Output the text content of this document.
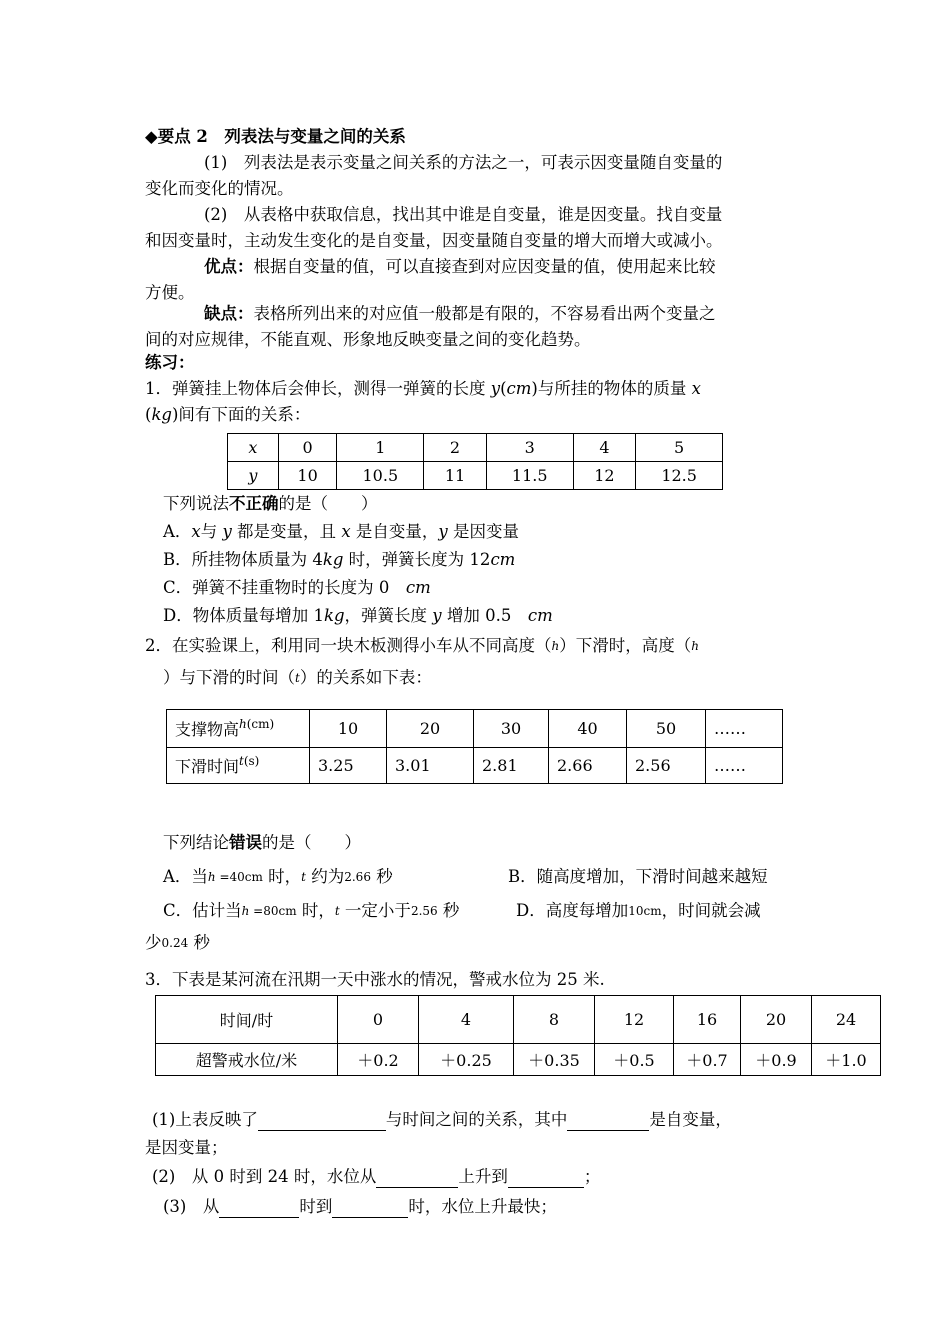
◆要点 2　列表法与变量之间的关系
(1)　列表法是表示变量之间关系的方法之一，可表示因变量随自变量的
变化而变化的情况。
(2)　从表格中获取信息，找出其中谁是自变量，谁是因变量。找自变量
和因变量时，主动发生变化的是自变量，因变量随自变量的增大而增大或减小。
优点：根据自变量的值，可以直接查到对应因变量的值，使用起来比较
方便。
缺点：表格所列出来的对应值一般都是有限的，不容易看出两个变量之
间的对应规律，不能直观、形象地反映变量之间的变化趋势。
练习：
1．弹簧挂上物体后会伸长，测得一弹簧的长度 y(cm)与所挂的物体的质量 x
(kg)间有下面的关系：
x	0	1	2	3	4	5
y	10	10.5	11	11.5	12	12.5
下列说法不正确的是（　　）
A．x与 y 都是变量，且 x 是自变量，y 是因变量
B．所挂物体质量为 4kg 时，弹簧长度为 12cm
C．弹簧不挂重物时的长度为 0　cm
D．物体质量每增加 1kg，弹簧长度 y 增加 0.5　cm
2．在实验课上，利用同一块木板测得小车从不同高度（$^h$）下滑时，高度（$^h$
）与下滑的时间（$^t$）的关系如下表：
支撑物高$^{h(cm)}$	10	20	30	40	50	……
下滑时间$^{t(s)}$	3.25	3.01	2.81	2.66	2.56	……
下列结论错误的是（　　）
A．当$^h$ $^{=40cm}$ 时，$^t$ 约为$^{2.66}$ 秒	B．随高度增加，下滑时间越来越短
C．估计当$^h$ $^{=80cm}$ 时，$^t$ 一定小于$^{2.56}$ 秒	D．高度每增加$^{10cm}$，时间就会减
少$^{0.24}$ 秒
3．下表是某河流在汛期一天中涨水的情况，警戒水位为 25 米.
时间/时	0	4	8	12	16	20	24
超警戒水位/米	＋0.2	＋0.25	＋0.35	＋0.5	＋0.7	＋0.9	＋1.0
(1)上表反映了	与时间之间的关系，其中	是自变量，
是因变量；
(2)　从 0 时到 24 时，水位从	上升到	；
(3)　从	时到	时，水位上升最快；
